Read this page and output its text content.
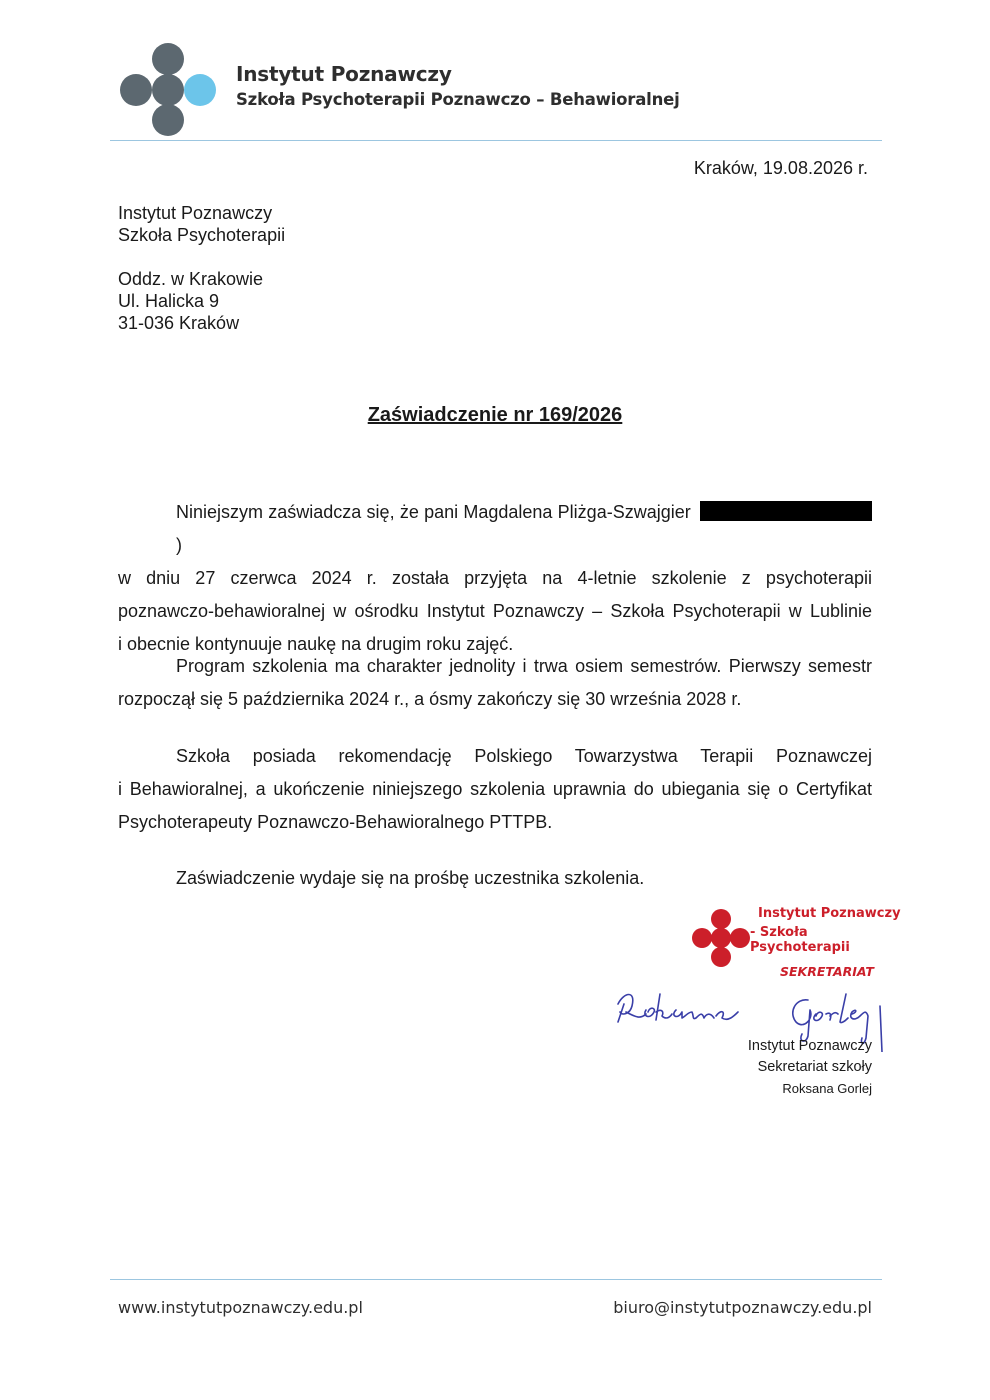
Instytut Poznawczy
Szkoła Psychoterapii Poznawczo – Behawioralnej
Kraków, 19.08.2026 r.
Instytut Poznawczy
Szkoła Psychoterapii
Oddz. w Krakowie
Ul. Halicka 9
31-036 Kraków
Zaświadczenie nr 169/2026
Niniejszym zaświadcza się, że pani Magdalena Pliżga-Szwajgier )
w dniu 27 czerwca 2024 r. została przyjęta na 4-letnie szkolenie z psychoterapii
poznawczo-behawioralnej w ośrodku Instytut Poznawczy – Szkoła Psychoterapii w Lublinie
i obecnie kontynuuje naukę na drugim roku zajęć.
Program szkolenia ma charakter jednolity i trwa osiem semestrów. Pierwszy semestr
rozpoczął się 5 października 2024 r., a ósmy zakończy się 30 września 2028 r.
Szkoła posiada rekomendację Polskiego Towarzystwa Terapii Poznawczej
i Behawioralnej, a ukończenie niniejszego szkolenia uprawnia do ubiegania się o Certyfikat
Psychoterapeuty Poznawczo-Behawioralnego PTTPB.
Zaświadczenie wydaje się na prośbę uczestnika szkolenia.
Instytut Poznawczy
- Szkoła Psychoterapii
SEKRETARIAT
Instytut Poznawczy
Sekretariat szkoły
Roksana Gorlej
www.instytutpoznawczy.edu.pl	biuro@instytutpoznawczy.edu.pl
